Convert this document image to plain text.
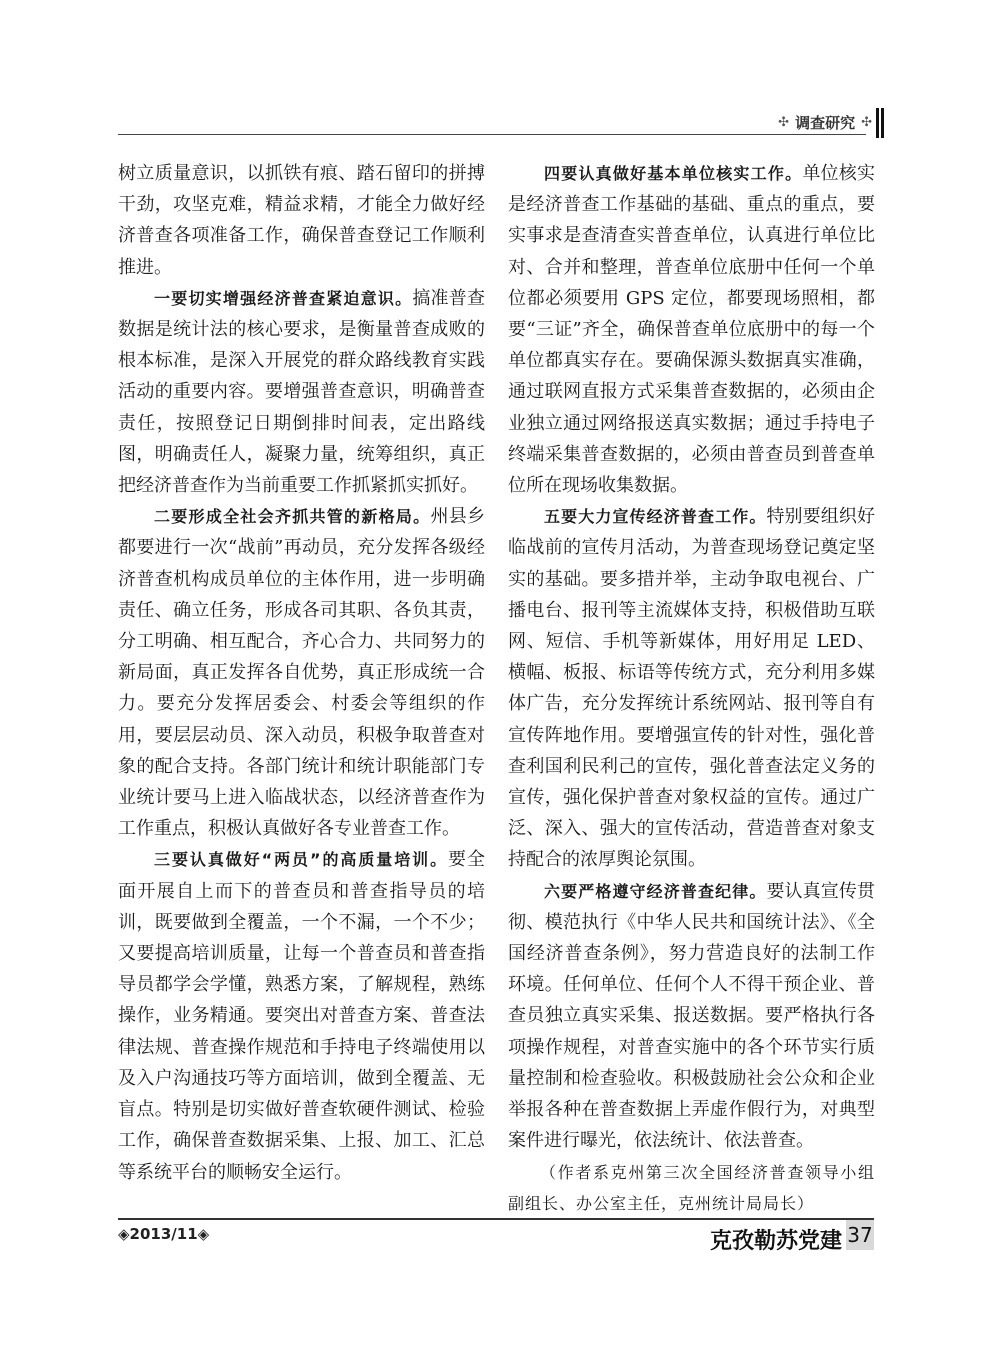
✣ 调查研究 ✣

树立质量意识，以抓铁有痕、踏石留印的拼搏干劲，攻坚克难，精益求精，才能全力做好经济普查各项准备工作，确保普查登记工作顺利推进。

一要切实增强经济普查紧迫意识。搞准普查数据是统计法的核心要求，是衡量普查成败的根本标准，是深入开展党的群众路线教育实践活动的重要内容。要增强普查意识，明确普查责任，按照登记日期倒排时间表，定出路线图，明确责任人，凝聚力量，统筹组织，真正把经济普查作为当前重要工作抓紧抓实抓好。

二要形成全社会齐抓共管的新格局。州县乡都要进行一次“战前”再动员，充分发挥各级经济普查机构成员单位的主体作用，进一步明确责任、确立任务，形成各司其职、各负其责，分工明确、相互配合，齐心合力、共同努力的新局面，真正发挥各自优势，真正形成统一合力。要充分发挥居委会、村委会等组织的作用，要层层动员、深入动员，积极争取普查对象的配合支持。各部门统计和统计职能部门专业统计要马上进入临战状态，以经济普查作为工作重点，积极认真做好各专业普查工作。

三要认真做好“两员”的高质量培训。要全面开展自上而下的普查员和普查指导员的培训，既要做到全覆盖，一个不漏，一个不少；又要提高培训质量，让每一个普查员和普查指导员都学会学懂，熟悉方案，了解规程，熟练操作，业务精通。要突出对普查方案、普查法律法规、普查操作规范和手持电子终端使用以及入户沟通技巧等方面培训，做到全覆盖、无盲点。特别是切实做好普查软硬件测试、检验工作，确保普查数据采集、上报、加工、汇总等系统平台的顺畅安全运行。

四要认真做好基本单位核实工作。单位核实是经济普查工作基础的基础、重点的重点，要实事求是查清查实普查单位，认真进行单位比对、合并和整理，普查单位底册中任何一个单位都必须要用 GPS 定位，都要现场照相，都要“三证”齐全，确保普查单位底册中的每一个单位都真实存在。要确保源头数据真实准确，通过联网直报方式采集普查数据的，必须由企业独立通过网络报送真实数据；通过手持电子终端采集普查数据的，必须由普查员到普查单位所在现场收集数据。

五要大力宣传经济普查工作。特别要组织好临战前的宣传月活动，为普查现场登记奠定坚实的基础。要多措并举，主动争取电视台、广播电台、报刊等主流媒体支持，积极借助互联网、短信、手机等新媒体，用好用足 LED、横幅、板报、标语等传统方式，充分利用多媒体广告，充分发挥统计系统网站、报刊等自有宣传阵地作用。要增强宣传的针对性，强化普查利国利民利己的宣传，强化普查法定义务的宣传，强化保护普查对象权益的宣传。通过广泛、深入、强大的宣传活动，营造普查对象支持配合的浓厚舆论氛围。

六要严格遵守经济普查纪律。要认真宣传贯彻、模范执行《中华人民共和国统计法》、《全国经济普查条例》，努力营造良好的法制工作环境。任何单位、任何个人不得干预企业、普查员独立真实采集、报送数据。要严格执行各项操作规程，对普查实施中的各个环节实行质量控制和检查验收。积极鼓励社会公众和企业举报各种在普查数据上弄虚作假行为，对典型案件进行曝光，依法统计、依法普查。

（作者系克州第三次全国经济普查领导小组副组长、办公室主任，克州统计局局长）

◈2013/11◈	克孜勒苏党建 37
